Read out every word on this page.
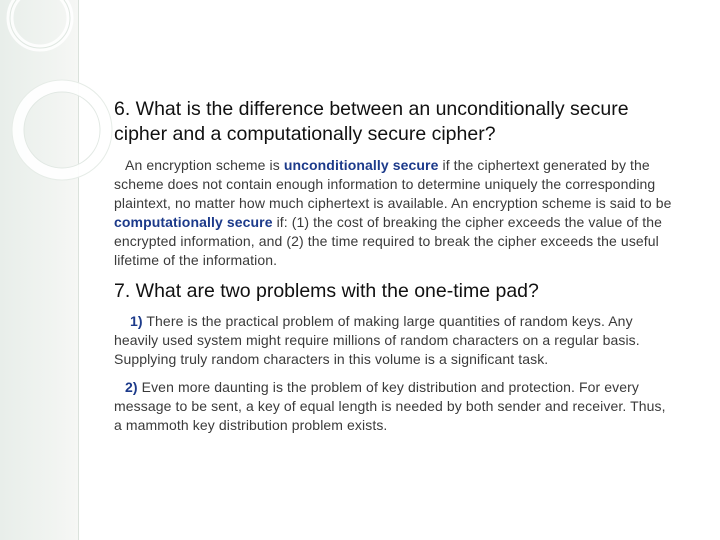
6. What is the difference between an unconditionally secure cipher and a computationally secure cipher?

An encryption scheme is unconditionally secure if the ciphertext generated by the scheme does not contain enough information to determine uniquely the corresponding plaintext, no matter how much ciphertext is available. An encryption scheme is said to be computationally secure if: (1) the cost of breaking the cipher exceeds the value of the encrypted information, and (2) the time required to break the cipher exceeds the useful lifetime of the information.

7. What are two problems with the one-time pad?

1) There is the practical problem of making large quantities of random keys. Any heavily used system might require millions of random characters on a regular basis. Supplying truly random characters in this volume is a significant task.

2) Even more daunting is the problem of key distribution and protection. For every message to be sent, a key of equal length is needed by both sender and receiver. Thus, a mammoth key distribution problem exists.
